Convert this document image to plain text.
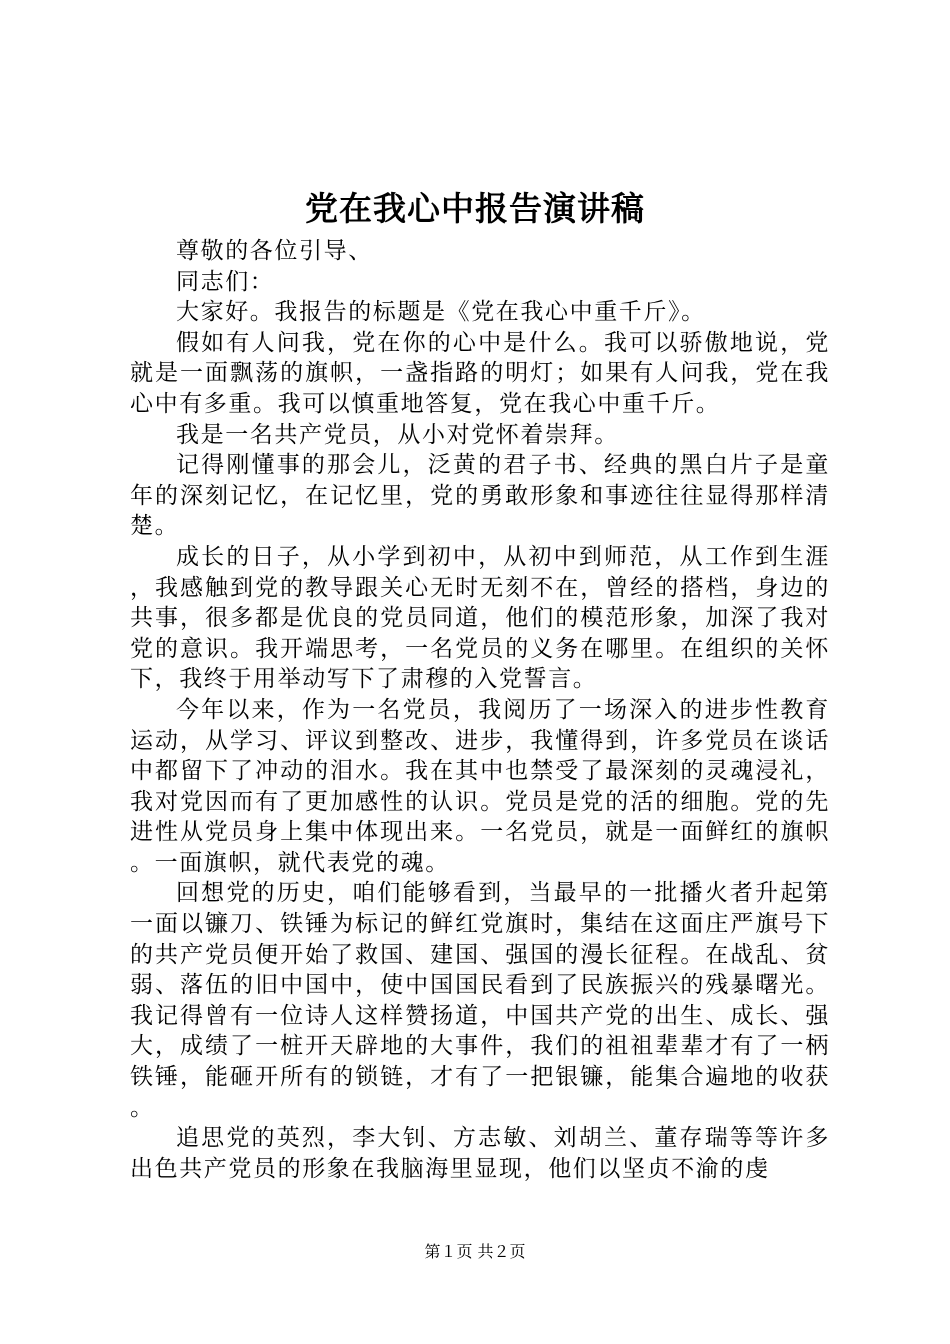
党在我心中报告演讲稿

尊敬的各位引导、

同志们：

大家好。我报告的标题是《党在我心中重千斤》。

假如有人问我，党在你的心中是什么。我可以骄傲地说，党就是一面飘荡的旗帜，一盏指路的明灯；如果有人问我，党在我心中有多重。我可以慎重地答复，党在我心中重千斤。

我是一名共产党员，从小对党怀着崇拜。

记得刚懂事的那会儿，泛黄的君子书、经典的黑白片子是童年的深刻记忆，在记忆里，党的勇敢形象和事迹往往显得那样清楚。

成长的日子，从小学到初中，从初中到师范，从工作到生涯，我感触到党的教导跟关心无时无刻不在，曾经的搭档，身边的共事，很多都是优良的党员同道，他们的模范形象，加深了我对党的意识。我开端思考，一名党员的义务在哪里。在组织的关怀下，我终于用举动写下了肃穆的入党誓言。

今年以来，作为一名党员，我阅历了一场深入的进步性教育运动，从学习、评议到整改、进步，我懂得到，许多党员在谈话中都留下了冲动的泪水。我在其中也禁受了最深刻的灵魂浸礼，我对党因而有了更加感性的认识。党员是党的活的细胞。党的先进性从党员身上集中体现出来。一名党员，就是一面鲜红的旗帜。一面旗帜，就代表党的魂。

回想党的历史，咱们能够看到，当最早的一批播火者升起第一面以镰刀、铁锤为标记的鲜红党旗时，集结在这面庄严旗号下的共产党员便开始了救国、建国、强国的漫长征程。在战乱、贫弱、落伍的旧中国中，使中国国民看到了民族振兴的残暴曙光。我记得曾有一位诗人这样赞扬道，中国共产党的出生、成长、强大，成绩了一桩开天辟地的大事件，我们的祖祖辈辈才有了一柄铁锤，能砸开所有的锁链，才有了一把银镰，能集合遍地的收获。

追思党的英烈，李大钊、方志敏、刘胡兰、董存瑞等等许多出色共产党员的形象在我脑海里显现，他们以坚贞不渝的虔

第１页 共２页
